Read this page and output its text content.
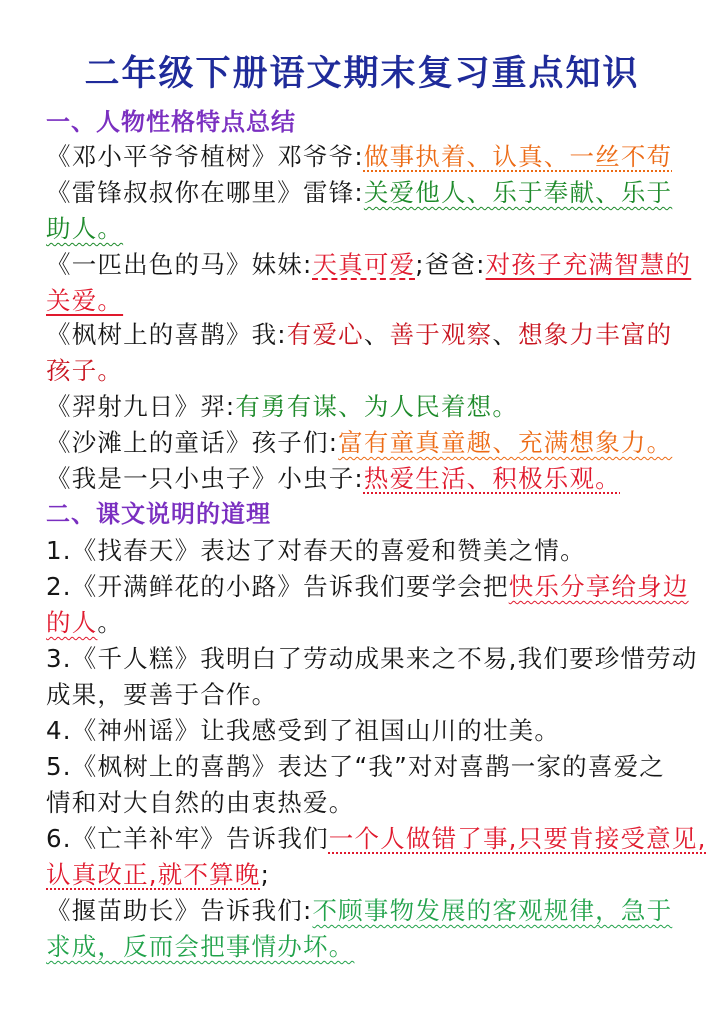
二年级下册语文期末复习重点知识
一、人物性格特点总结
《邓小平爷爷植树》邓爷爷:做事执着、认真、一丝不苟
《雷锋叔叔你在哪里》雷锋:关爱他人、乐于奉献、乐于
助人。
《一匹出色的马》妹妹:天真可爱;爸爸:对孩子充满智慧的
关爱。
《枫树上的喜鹊》我:有爱心、善于观察、想象力丰富的
孩子。
《羿射九日》羿:有勇有谋、为人民着想。
《沙滩上的童话》孩子们:富有童真童趣、充满想象力。
《我是一只小虫子》小虫子:热爱生活、积极乐观。
二、课文说明的道理
1.《找春天》表达了对春天的喜爱和赞美之情。
2.《开满鲜花的小路》告诉我们要学会把快乐分享给身边
的人。
3.《千人糕》我明白了劳动成果来之不易,我们要珍惜劳动
成果，要善于合作。
4.《神州谣》让我感受到了祖国山川的壮美。
5.《枫树上的喜鹊》表达了“我”对对喜鹊一家的喜爱之
情和对大自然的由衷热爱。
6.《亡羊补牢》告诉我们一个人做错了事,只要肯接受意见,
认真改正,就不算晚;
《揠苗助长》告诉我们:不顾事物发展的客观规律，急于
求成，反而会把事情办坏。
